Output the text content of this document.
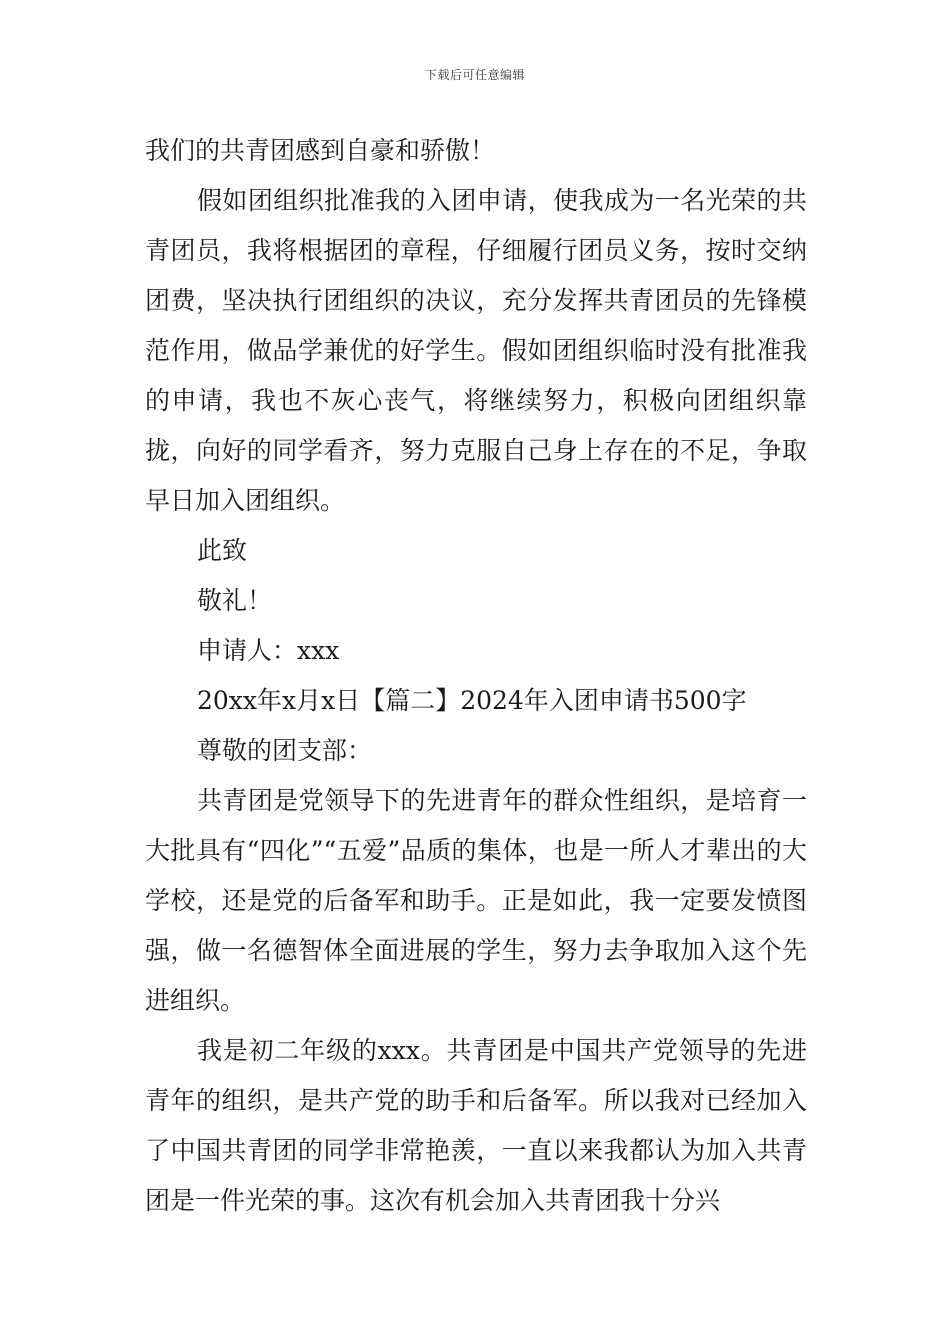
下载后可任意编辑

我们的共青团感到自豪和骄傲！

假如团组织批准我的入团申请，使我成为一名光荣的共青团员，我将根据团的章程，仔细履行团员义务，按时交纳团费，坚决执行团组织的决议，充分发挥共青团员的先锋模范作用，做品学兼优的好学生。假如团组织临时没有批准我的申请，我也不灰心丧气，将继续努力，积极向团组织靠拢，向好的同学看齐，努力克服自己身上存在的不足，争取早日加入团组织。

此致

敬礼！

申请人：xxx

20xx年x月x日【篇二】2024年入团申请书500字

尊敬的团支部：

共青团是党领导下的先进青年的群众性组织，是培育一大批具有“四化”“五爱”品质的集体，也是一所人才辈出的大学校，还是党的后备军和助手。正是如此，我一定要发愤图强，做一名德智体全面进展的学生，努力去争取加入这个先进组织。

我是初二年级的xxx。共青团是中国共产党领导的先进青年的组织，是共产党的助手和后备军。所以我对已经加入了中国共青团的同学非常艳羡，一直以来我都认为加入共青团是一件光荣的事。这次有机会加入共青团我十分兴
